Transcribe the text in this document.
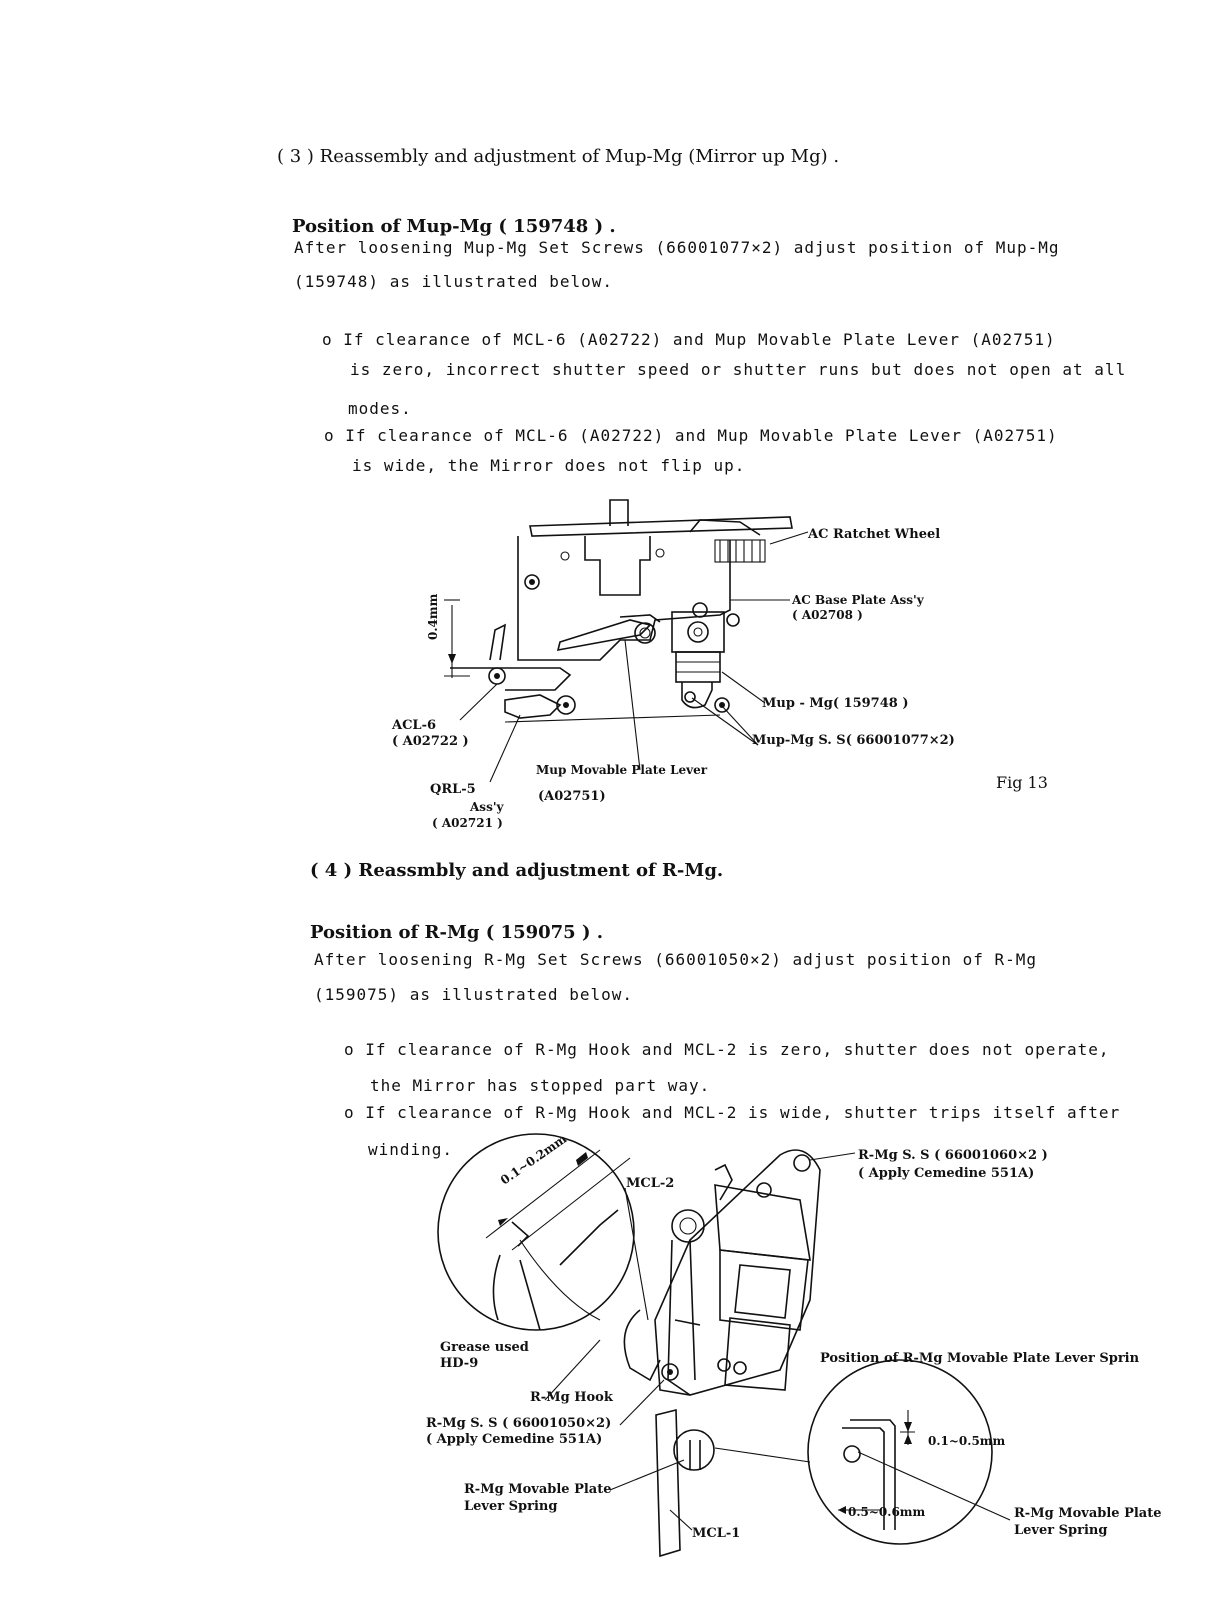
( 3 ) Reassembly and adjustment of Mup-Mg (Mirror up Mg) .
Position of Mup-Mg ( 159748 ) .
After loosening Mup-Mg Set Screws (66001077×2) adjust position of Mup-Mg
(159748) as illustrated below.
o If clearance of MCL-6 (A02722) and Mup Movable Plate Lever (A02751)
is zero, incorrect shutter speed or shutter runs but does not open at all
modes.
o If clearance of MCL-6 (A02722) and Mup Movable Plate Lever (A02751)
is wide, the Mirror does not flip up.
AC Ratchet Wheel
AC Base Plate Ass'y
( A02708 )
0.4mm
ACL-6
( A02722 )
Mup - Mg( 159748 )
Mup-Mg S. S( 66001077×2)
Mup Movable Plate Lever
(A02751)
QRL-5
Ass'y
( A02721 )
Fig 13
( 4 ) Reassmbly and adjustment of R-Mg.
Position of R-Mg ( 159075 ) .
After loosening R-Mg Set Screws (66001050×2) adjust position of R-Mg
(159075) as illustrated below.
o If clearance of R-Mg Hook and MCL-2 is zero, shutter does not operate,
the Mirror has stopped part way.
o If clearance of R-Mg Hook and MCL-2 is wide, shutter trips itself after
winding.	0.1~0.2mm	MCL-2
R-Mg S. S ( 66001060×2 )
( Apply Cemedine 551A)
Grease used
HD-9
R-Mg Hook
R-Mg S. S ( 66001050×2)
( Apply Cemedine 551A)
R-Mg Movable Plate
Lever Spring
MCL-1
Position of R-Mg Movable Plate Lever Sprin
0.1~0.5mm
0.5~0.6mm	R-Mg Movable Plate
Lever Spring
